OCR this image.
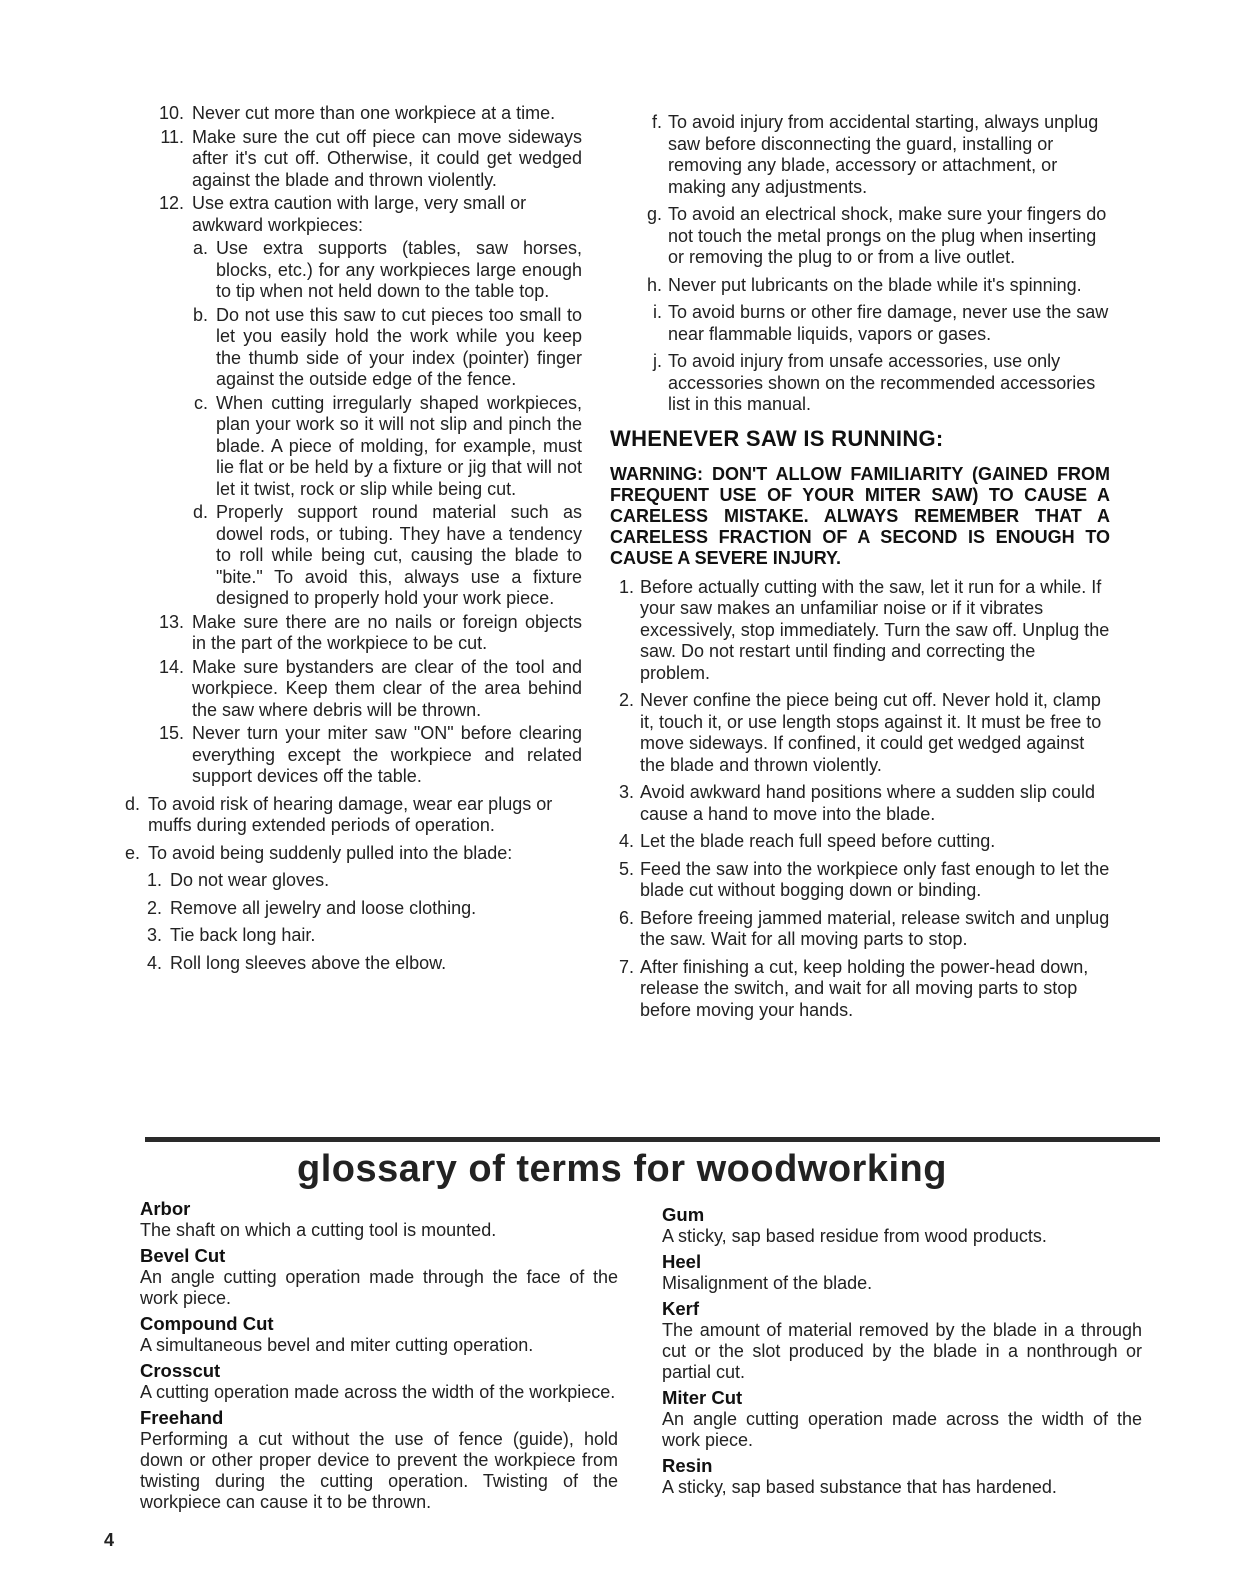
10. Never cut more than one workpiece at a time.
11. Make sure the cut off piece can move sideways after it's cut off. Otherwise, it could get wedged against the blade and thrown violently.
12. Use extra caution with large, very small or awkward workpieces:
a. Use extra supports (tables, saw horses, blocks, etc.) for any workpieces large enough to tip when not held down to the table top.
b. Do not use this saw to cut pieces too small to let you easily hold the work while you keep the thumb side of your index (pointer) finger against the outside edge of the fence.
c. When cutting irregularly shaped workpieces, plan your work so it will not slip and pinch the blade. A piece of molding, for example, must lie flat or be held by a fixture or jig that will not let it twist, rock or slip while being cut.
d. Properly support round material such as dowel rods, or tubing. They have a tendency to roll while being cut, causing the blade to "bite." To avoid this, always use a fixture designed to properly hold your work piece.
13. Make sure there are no nails or foreign objects in the part of the workpiece to be cut.
14. Make sure bystanders are clear of the tool and workpiece. Keep them clear of the area behind the saw where debris will be thrown.
15. Never turn your miter saw "ON" before clearing everything except the workpiece and related support devices off the table.
d. To avoid risk of hearing damage, wear ear plugs or muffs during extended periods of operation.
e. To avoid being suddenly pulled into the blade:
1. Do not wear gloves.
2. Remove all jewelry and loose clothing.
3. Tie back long hair.
4. Roll long sleeves above the elbow.
f. To avoid injury from accidental starting, always unplug saw before disconnecting the guard, installing or removing any blade, accessory or attachment, or making any adjustments.
g. To avoid an electrical shock, make sure your fingers do not touch the metal prongs on the plug when inserting or removing the plug to or from a live outlet.
h. Never put lubricants on the blade while it's spinning.
i. To avoid burns or other fire damage, never use the saw near flammable liquids, vapors or gases.
j. To avoid injury from unsafe accessories, use only accessories shown on the recommended accessories list in this manual.
WHENEVER SAW IS RUNNING:
WARNING: DON'T ALLOW FAMILIARITY (GAINED FROM FREQUENT USE OF YOUR MITER SAW) TO CAUSE A CARELESS MISTAKE. ALWAYS REMEMBER THAT A CARELESS FRACTION OF A SECOND IS ENOUGH TO CAUSE A SEVERE INJURY.
1. Before actually cutting with the saw, let it run for a while. If your saw makes an unfamiliar noise or if it vibrates excessively, stop immediately. Turn the saw off. Unplug the saw. Do not restart until finding and correcting the problem.
2. Never confine the piece being cut off. Never hold it, clamp it, touch it, or use length stops against it. It must be free to move sideways. If confined, it could get wedged against the blade and thrown violently.
3. Avoid awkward hand positions where a sudden slip could cause a hand to move into the blade.
4. Let the blade reach full speed before cutting.
5. Feed the saw into the workpiece only fast enough to let the blade cut without bogging down or binding.
6. Before freeing jammed material, release switch and unplug the saw. Wait for all moving parts to stop.
7. After finishing a cut, keep holding the power-head down, release the switch, and wait for all moving parts to stop before moving your hands.
glossary of terms for woodworking
Arbor
The shaft on which a cutting tool is mounted.
Bevel Cut
An angle cutting operation made through the face of the work piece.
Compound Cut
A simultaneous bevel and miter cutting operation.
Crosscut
A cutting operation made across the width of the workpiece.
Freehand
Performing a cut without the use of fence (guide), hold down or other proper device to prevent the workpiece from twisting during the cutting operation. Twisting of the workpiece can cause it to be thrown.
Gum
A sticky, sap based residue from wood products.
Heel
Misalignment of the blade.
Kerf
The amount of material removed by the blade in a through cut or the slot produced by the blade in a nonthrough or partial cut.
Miter Cut
An angle cutting operation made across the width of the work piece.
Resin
A sticky, sap based substance that has hardened.
4
